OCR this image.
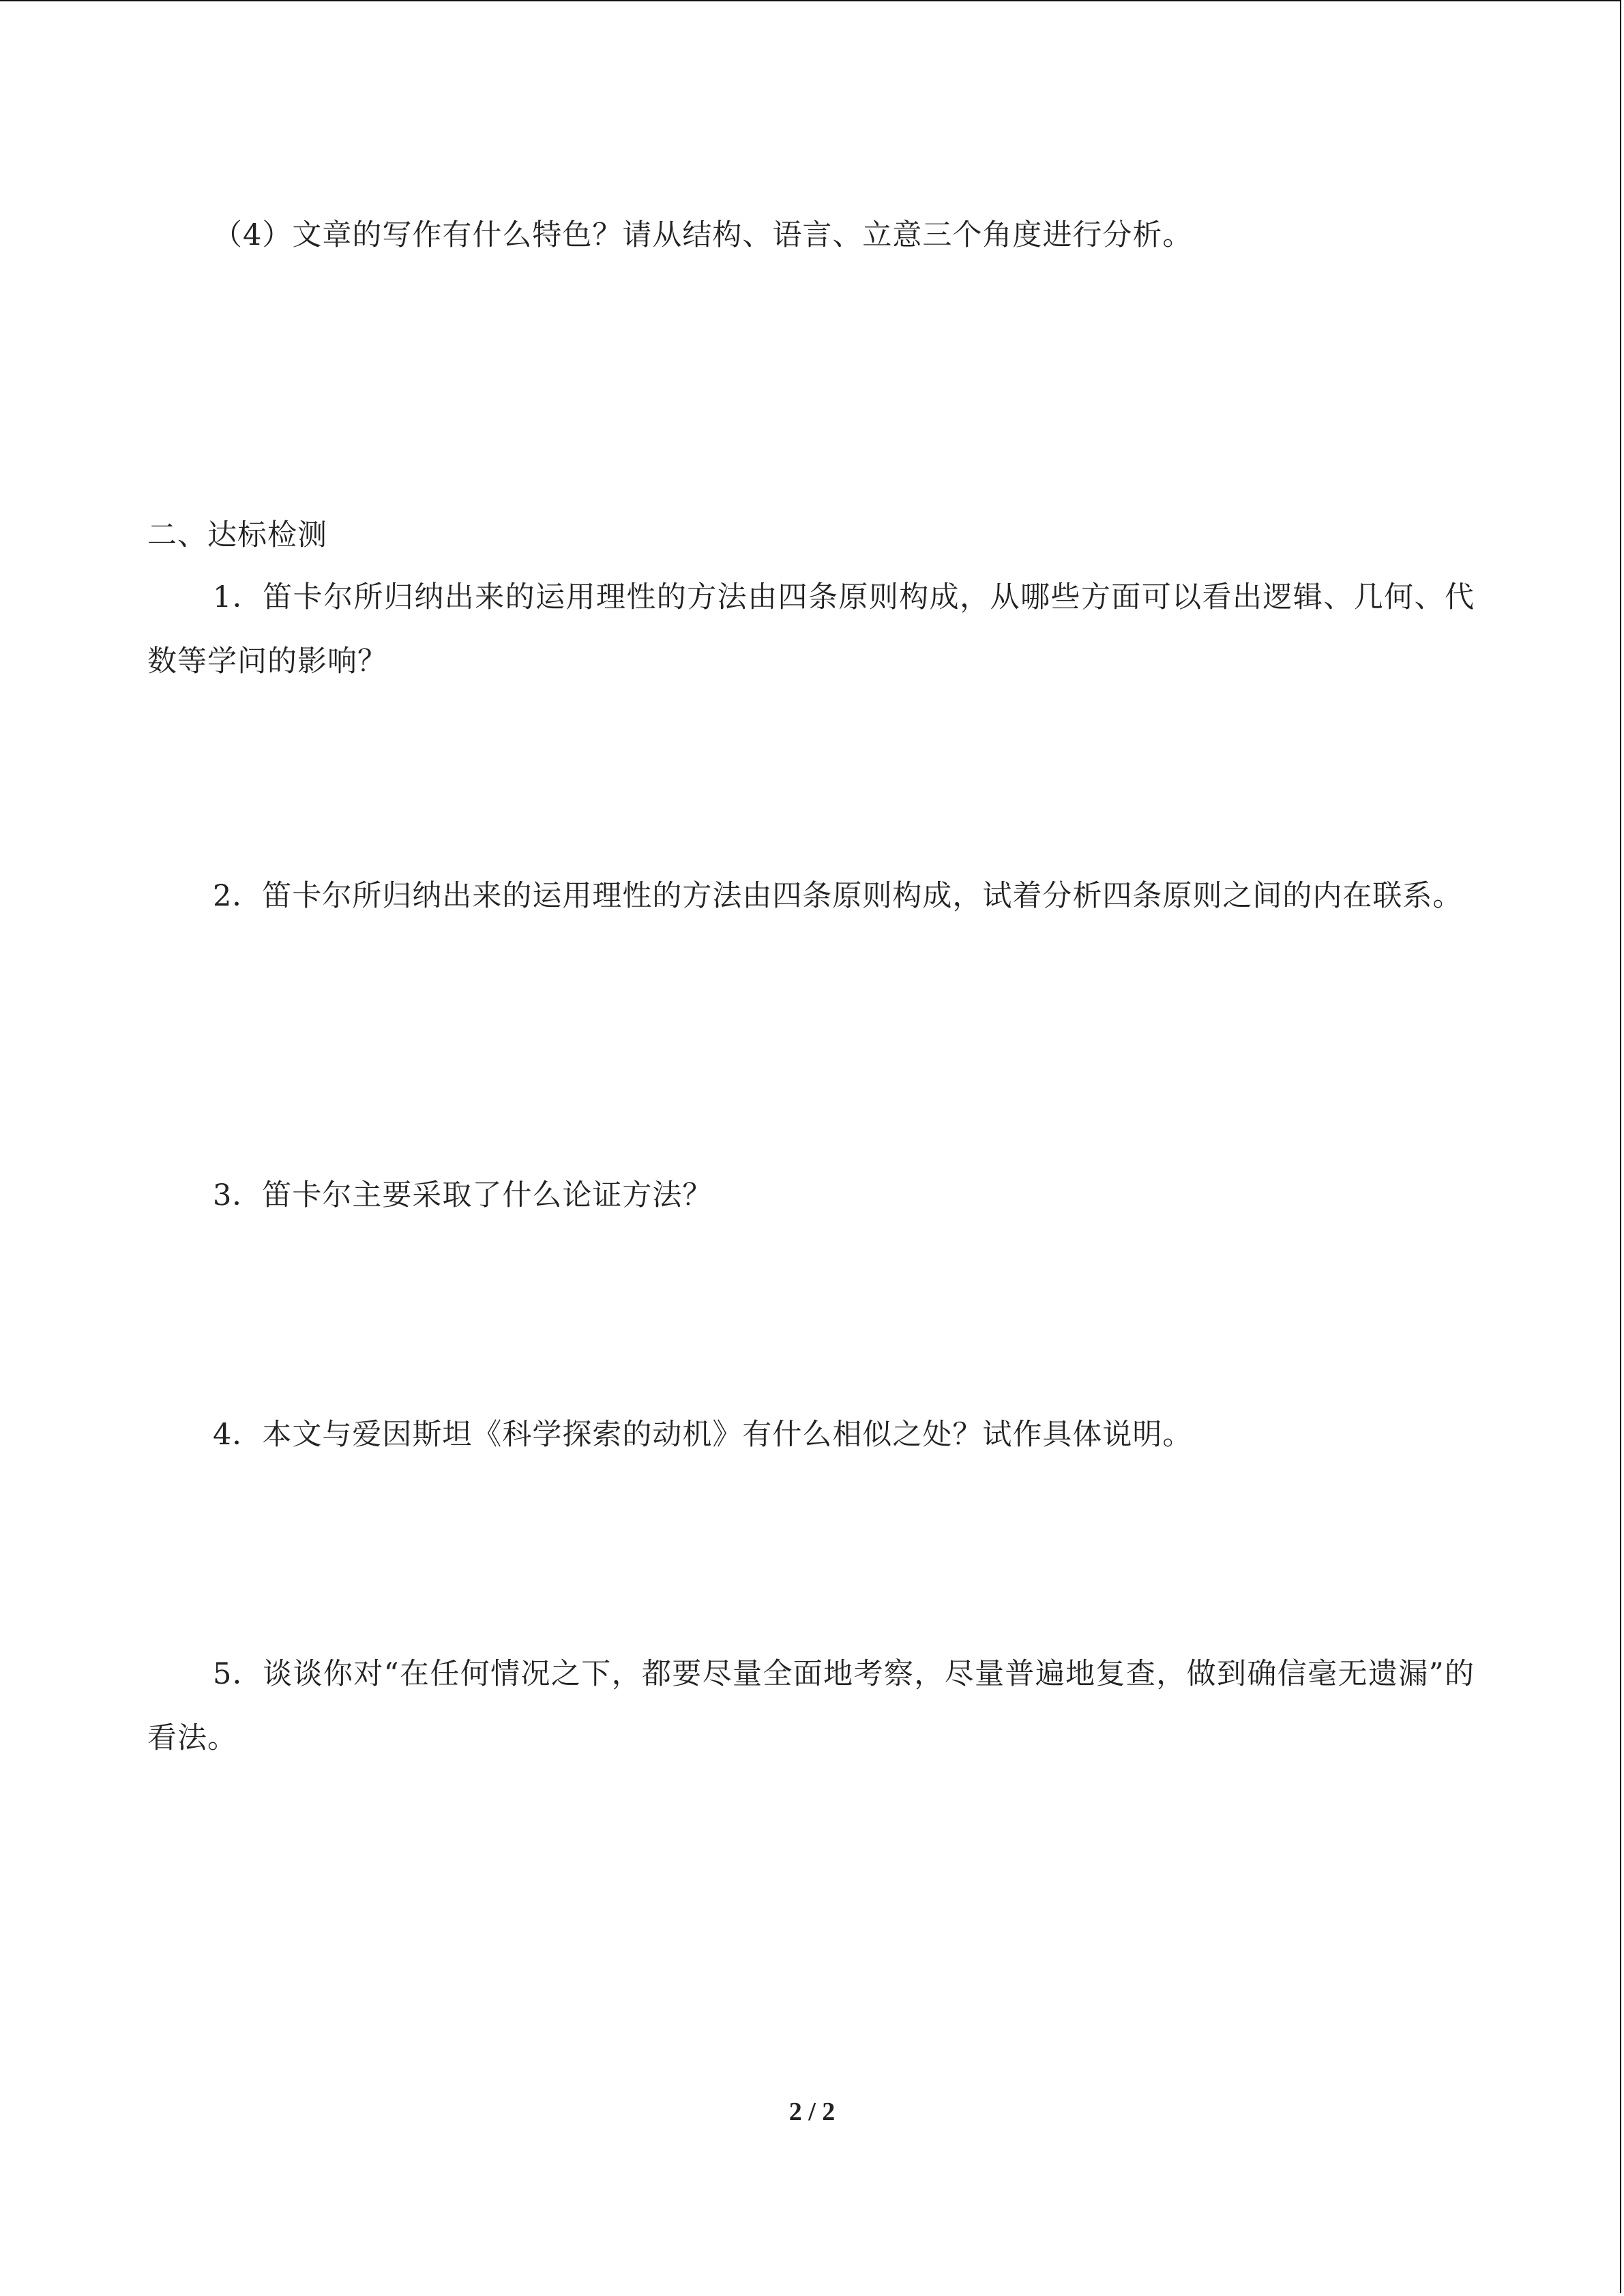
（4）文章的写作有什么特色？请从结构、语言、立意三个角度进行分析。
二、达标检测
1．笛卡尔所归纳出来的运用理性的方法由四条原则构成，从哪些方面可以看出逻辑、几何、代数等学问的影响？
2．笛卡尔所归纳出来的运用理性的方法由四条原则构成，试着分析四条原则之间的内在联系。
3．笛卡尔主要采取了什么论证方法？
4．本文与爱因斯坦《科学探索的动机》有什么相似之处？试作具体说明。
5．谈谈你对“在任何情况之下，都要尽量全面地考察，尽量普遍地复查，做到确信毫无遗漏”的看法。
2 / 2
